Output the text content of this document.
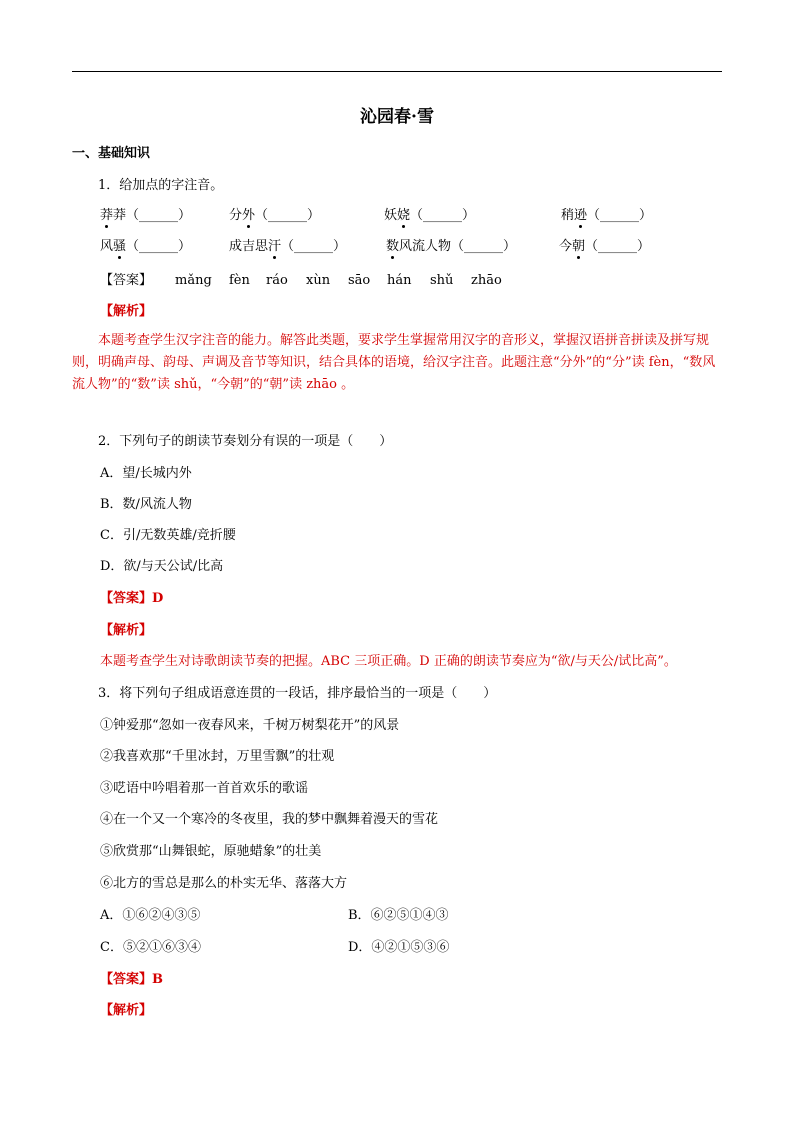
沁园春·雪
一、基础知识
1．给加点的字注音。
莽莽（______）	分外（______）	妖娆（______）	稍逊（______）
风骚（______）	成吉思汗（______）	数风流人物（______）	今朝（______）
【答案】 mǎng fèn ráo xùn sāo hán shǔ zhāo
【解析】
本题考查学生汉字注音的能力。解答此类题，要求学生掌握常用汉字的音形义，掌握汉语拼音拼读及拼写规则，明确声母、韵母、声调及音节等知识，结合具体的语境，给汉字注音。此题注意“分外”的“分”读 fèn，“数风流人物”的“数”读 shǔ，“今朝”的“朝”读 zhāo 。
2．下列句子的朗读节奏划分有误的一项是（　　）
A．望/长城内外
B．数/风流人物
C．引/无数英雄/竞折腰
D．欲/与天公试/比高
【答案】D
【解析】
本题考查学生对诗歌朗读节奏的把握。ABC 三项正确。D 正确的朗读节奏应为“欲/与天公/试比高”。
3．将下列句子组成语意连贯的一段话，排序最恰当的一项是（　　）
①钟爱那“忽如一夜春风来，千树万树梨花开”的风景
②我喜欢那“千里冰封，万里雪飘”的壮观
③呓语中吟唱着那一首首欢乐的歌谣
④在一个又一个寒冷的冬夜里，我的梦中飘舞着漫天的雪花
⑤欣赏那“山舞银蛇，原驰蜡象”的壮美
⑥北方的雪总是那么的朴实无华、落落大方
A．①⑥②④③⑤	B．⑥②⑤①④③
C．⑤②①⑥③④	D．④②①⑤③⑥
【答案】B
【解析】
